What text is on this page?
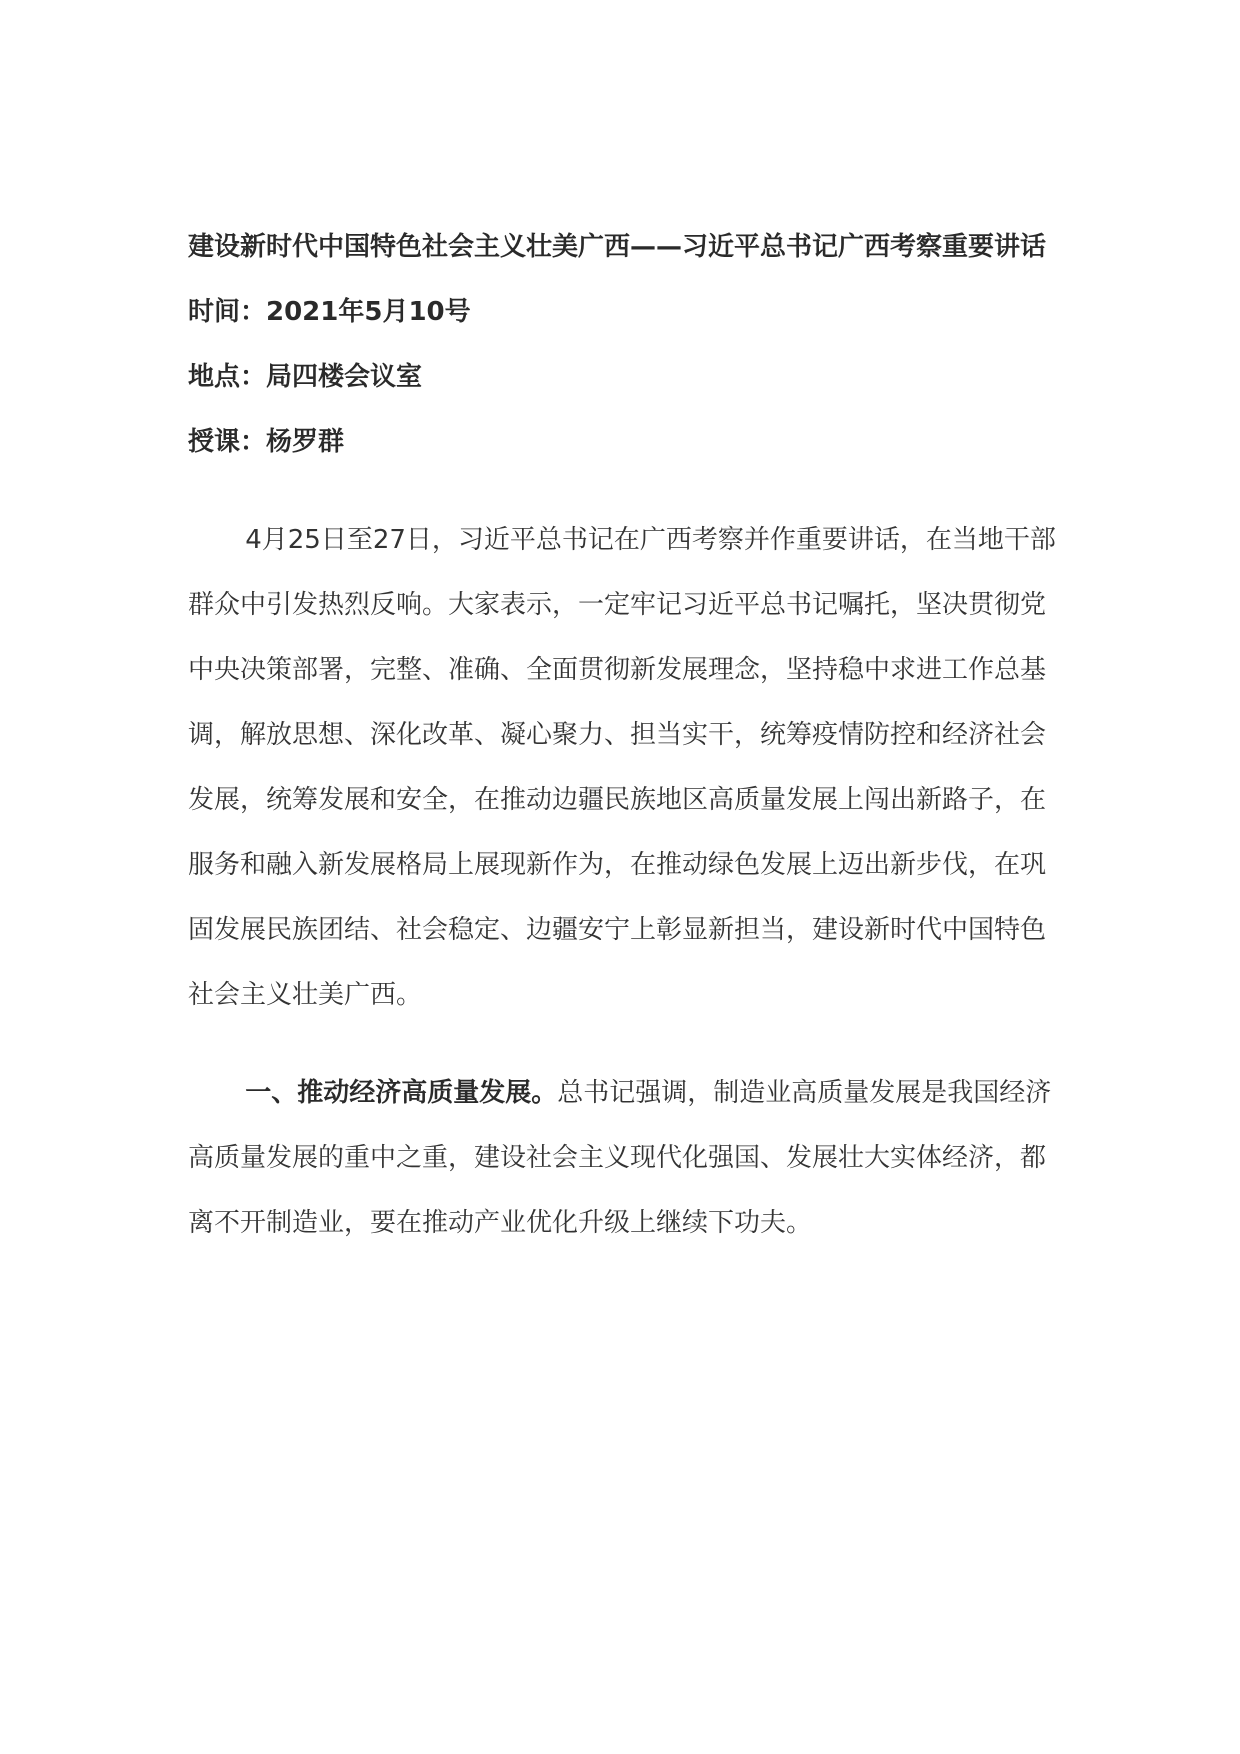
建设新时代中国特色社会主义壮美广西——习近平总书记广西考察重要讲话

时间：2021年5月10号

地点：局四楼会议室

授课：杨罗群

4月25日至27日，习近平总书记在广西考察并作重要讲话，在当地干部群众中引发热烈反响。大家表示，一定牢记习近平总书记嘱托，坚决贯彻党中央决策部署，完整、准确、全面贯彻新发展理念，坚持稳中求进工作总基调，解放思想、深化改革、凝心聚力、担当实干，统筹疫情防控和经济社会发展，统筹发展和安全，在推动边疆民族地区高质量发展上闯出新路子，在服务和融入新发展格局上展现新作为，在推动绿色发展上迈出新步伐，在巩固发展民族团结、社会稳定、边疆安宁上彰显新担当，建设新时代中国特色社会主义壮美广西。

一、推动经济高质量发展。总书记强调，制造业高质量发展是我国经济高质量发展的重中之重，建设社会主义现代化强国、发展壮大实体经济，都离不开制造业，要在推动产业优化升级上继续下功夫。
